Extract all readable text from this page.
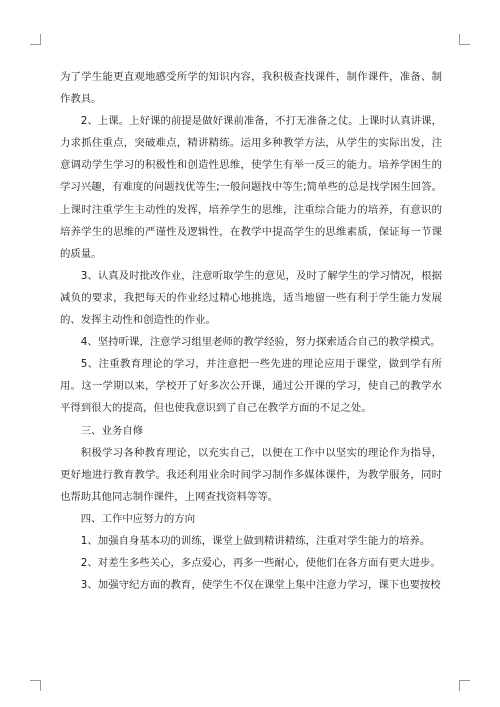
为了学生能更直观地感受所学的知识内容，我积极查找课件，制作课件，准备、制作教具。

2、上课。上好课的前提是做好课前准备，不打无准备之仗。上课时认真讲课，力求抓住重点，突破难点，精讲精练。运用多种教学方法，从学生的实际出发，注意调动学生学习的积极性和创造性思维，使学生有举一反三的能力。培养学困生的学习兴趣，有难度的问题找优等生;一般问题找中等生;简单些的总是找学困生回答。上课时注重学生主动性的发挥，培养学生的思维，注重综合能力的培养，有意识的培养学生的思维的严谨性及逻辑性，在教学中提高学生的思维素质，保证每一节课的质量。

3、认真及时批改作业，注意听取学生的意见，及时了解学生的学习情况，根据减负的要求，我把每天的作业经过精心地挑选，适当地留一些有利于学生能力发展的、发挥主动性和创造性的作业。

4、坚持听课，注意学习组里老师的教学经验，努力探索适合自己的教学模式。

5、注重教育理论的学习，并注意把一些先进的理论应用于课堂，做到学有所用。这一学期以来，学校开了好多次公开课，通过公开课的学习，使自己的教学水平得到很大的提高，但也使我意识到了自己在教学方面的不足之处。

三、业务自修

积极学习各种教育理论，以充实自己，以便在工作中以坚实的理论作为指导，更好地进行教育教学。我还利用业余时间学习制作多媒体课件，为教学服务，同时也帮助其他同志制作课件，上网查找资料等等。

四、工作中应努力的方向

1、加强自身基本功的训练，课堂上做到精讲精练，注重对学生能力的培养。

2、对差生多些关心，多点爱心，再多一些耐心，使他们在各方面有更大进步。

3、加强守纪方面的教育，使学生不仅在课堂上集中注意力学习，课下也要按校
